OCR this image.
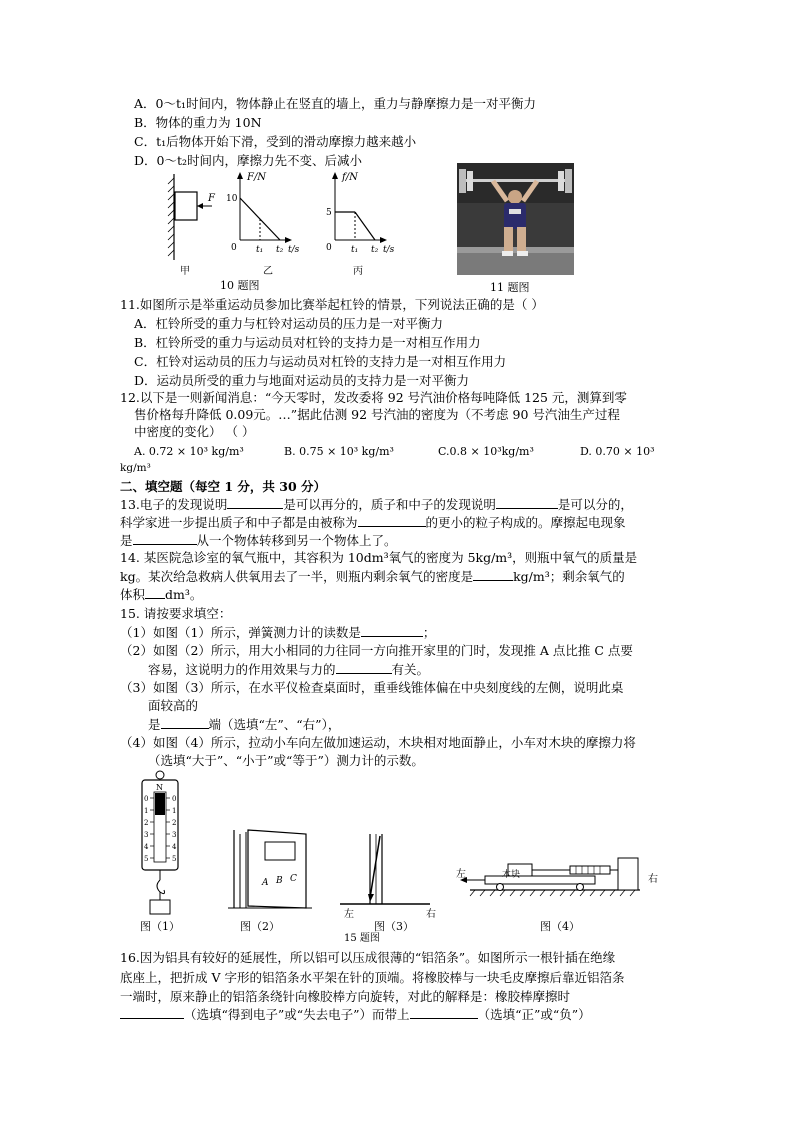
A．0～t₁时间内，物体静止在竖直的墙上，重力与静摩擦力是一对平衡力
B．物体的重力为 10N
C．t₁后物体开始下滑，受到的滑动摩擦力越来越小
D．0～t₂时间内，摩擦力先不变、后减小
F
F/N
10
0 t₁ t₂ t/s
f/N
5
0 t₁ t₂ t/s
甲	乙	丙
10 题图	11 题图
11.如图所示是举重运动员参加比赛举起杠铃的情景，下列说法正确的是（ ）
A．杠铃所受的重力与杠铃对运动员的压力是一对平衡力
B．杠铃所受的重力与运动员对杠铃的支持力是一对相互作用力
C．杠铃对运动员的压力与运动员对杠铃的支持力是一对相互作用力
D．运动员所受的重力与地面对运动员的支持力是一对平衡力
12.以下是一则新闻消息：“今天零时，发改委将 92 号汽油价格每吨降低 125 元，测算到零
售价格每升降低 0.09元。…”据此估测 92 号汽油的密度为（不考虑 90 号汽油生产过程
中密度的变化） （ ）
A. 0.72 × 10³ kg/m³	B. 0.75 × 10³ kg/m³	C.0.8 × 10³kg/m³	D. 0.70 × 10³
kg/m³
二、填空题（每空 1 分，共 30 分）
13.电子的发现说明	是可以再分的，质子和中子的发现说明	是可以分的，
科学家进一步提出质子和中子都是由被称为	的更小的粒子构成的。摩擦起电现象
是	从一个物体转移到另一个物体上了。
14. 某医院急诊室的氧气瓶中，其容积为 10dm³氧气的密度为 5kg/m³，则瓶中氧气的质量是
kg。某次给急救病人供氧用去了一半，则瓶内剩余氧气的密度是	kg/m³；剩余氧气的
体积 dm³。
15. 请按要求填空：
（1）如图（1）所示，弹簧测力计的读数是	；
（2）如图（2）所示，用大小相同的力往同一方向推开家里的门时，发现推 A 点比推 C 点要
容易，这说明力的作用效果与力的	有关。
（3）如图（3）所示，在水平仪检查桌面时，重垂线锥体偏在中央刻度线的左侧，说明此桌
面较高的
是	端（选填“左”、“右”），
（4）如图（4）所示，拉动小车向左做加速运动，木块相对地面静止，小车对木块的摩擦力将
（选填“大于”、“小于”或“等于”）测力计的示数。
N
0
1
2
3
4
5
0
1
2
3
4
5
图（1）
A B C
图（2）
左	右
图（3）
木块
左	右
图（4）
15 题图
16.因为铝具有较好的延展性，所以铝可以压成很薄的“铝箔条”。如图所示一根针插在绝缘
底座上，把折成 V 字形的铝箔条水平架在针的顶端。将橡胶棒与一块毛皮摩擦后靠近铝箔条
一端时，原来静止的铝箔条绕针向橡胶棒方向旋转，对此的解释是：橡胶棒摩擦时
（选填“得到电子”或“失去电子”）而带上	（选填“正”或“负”）
